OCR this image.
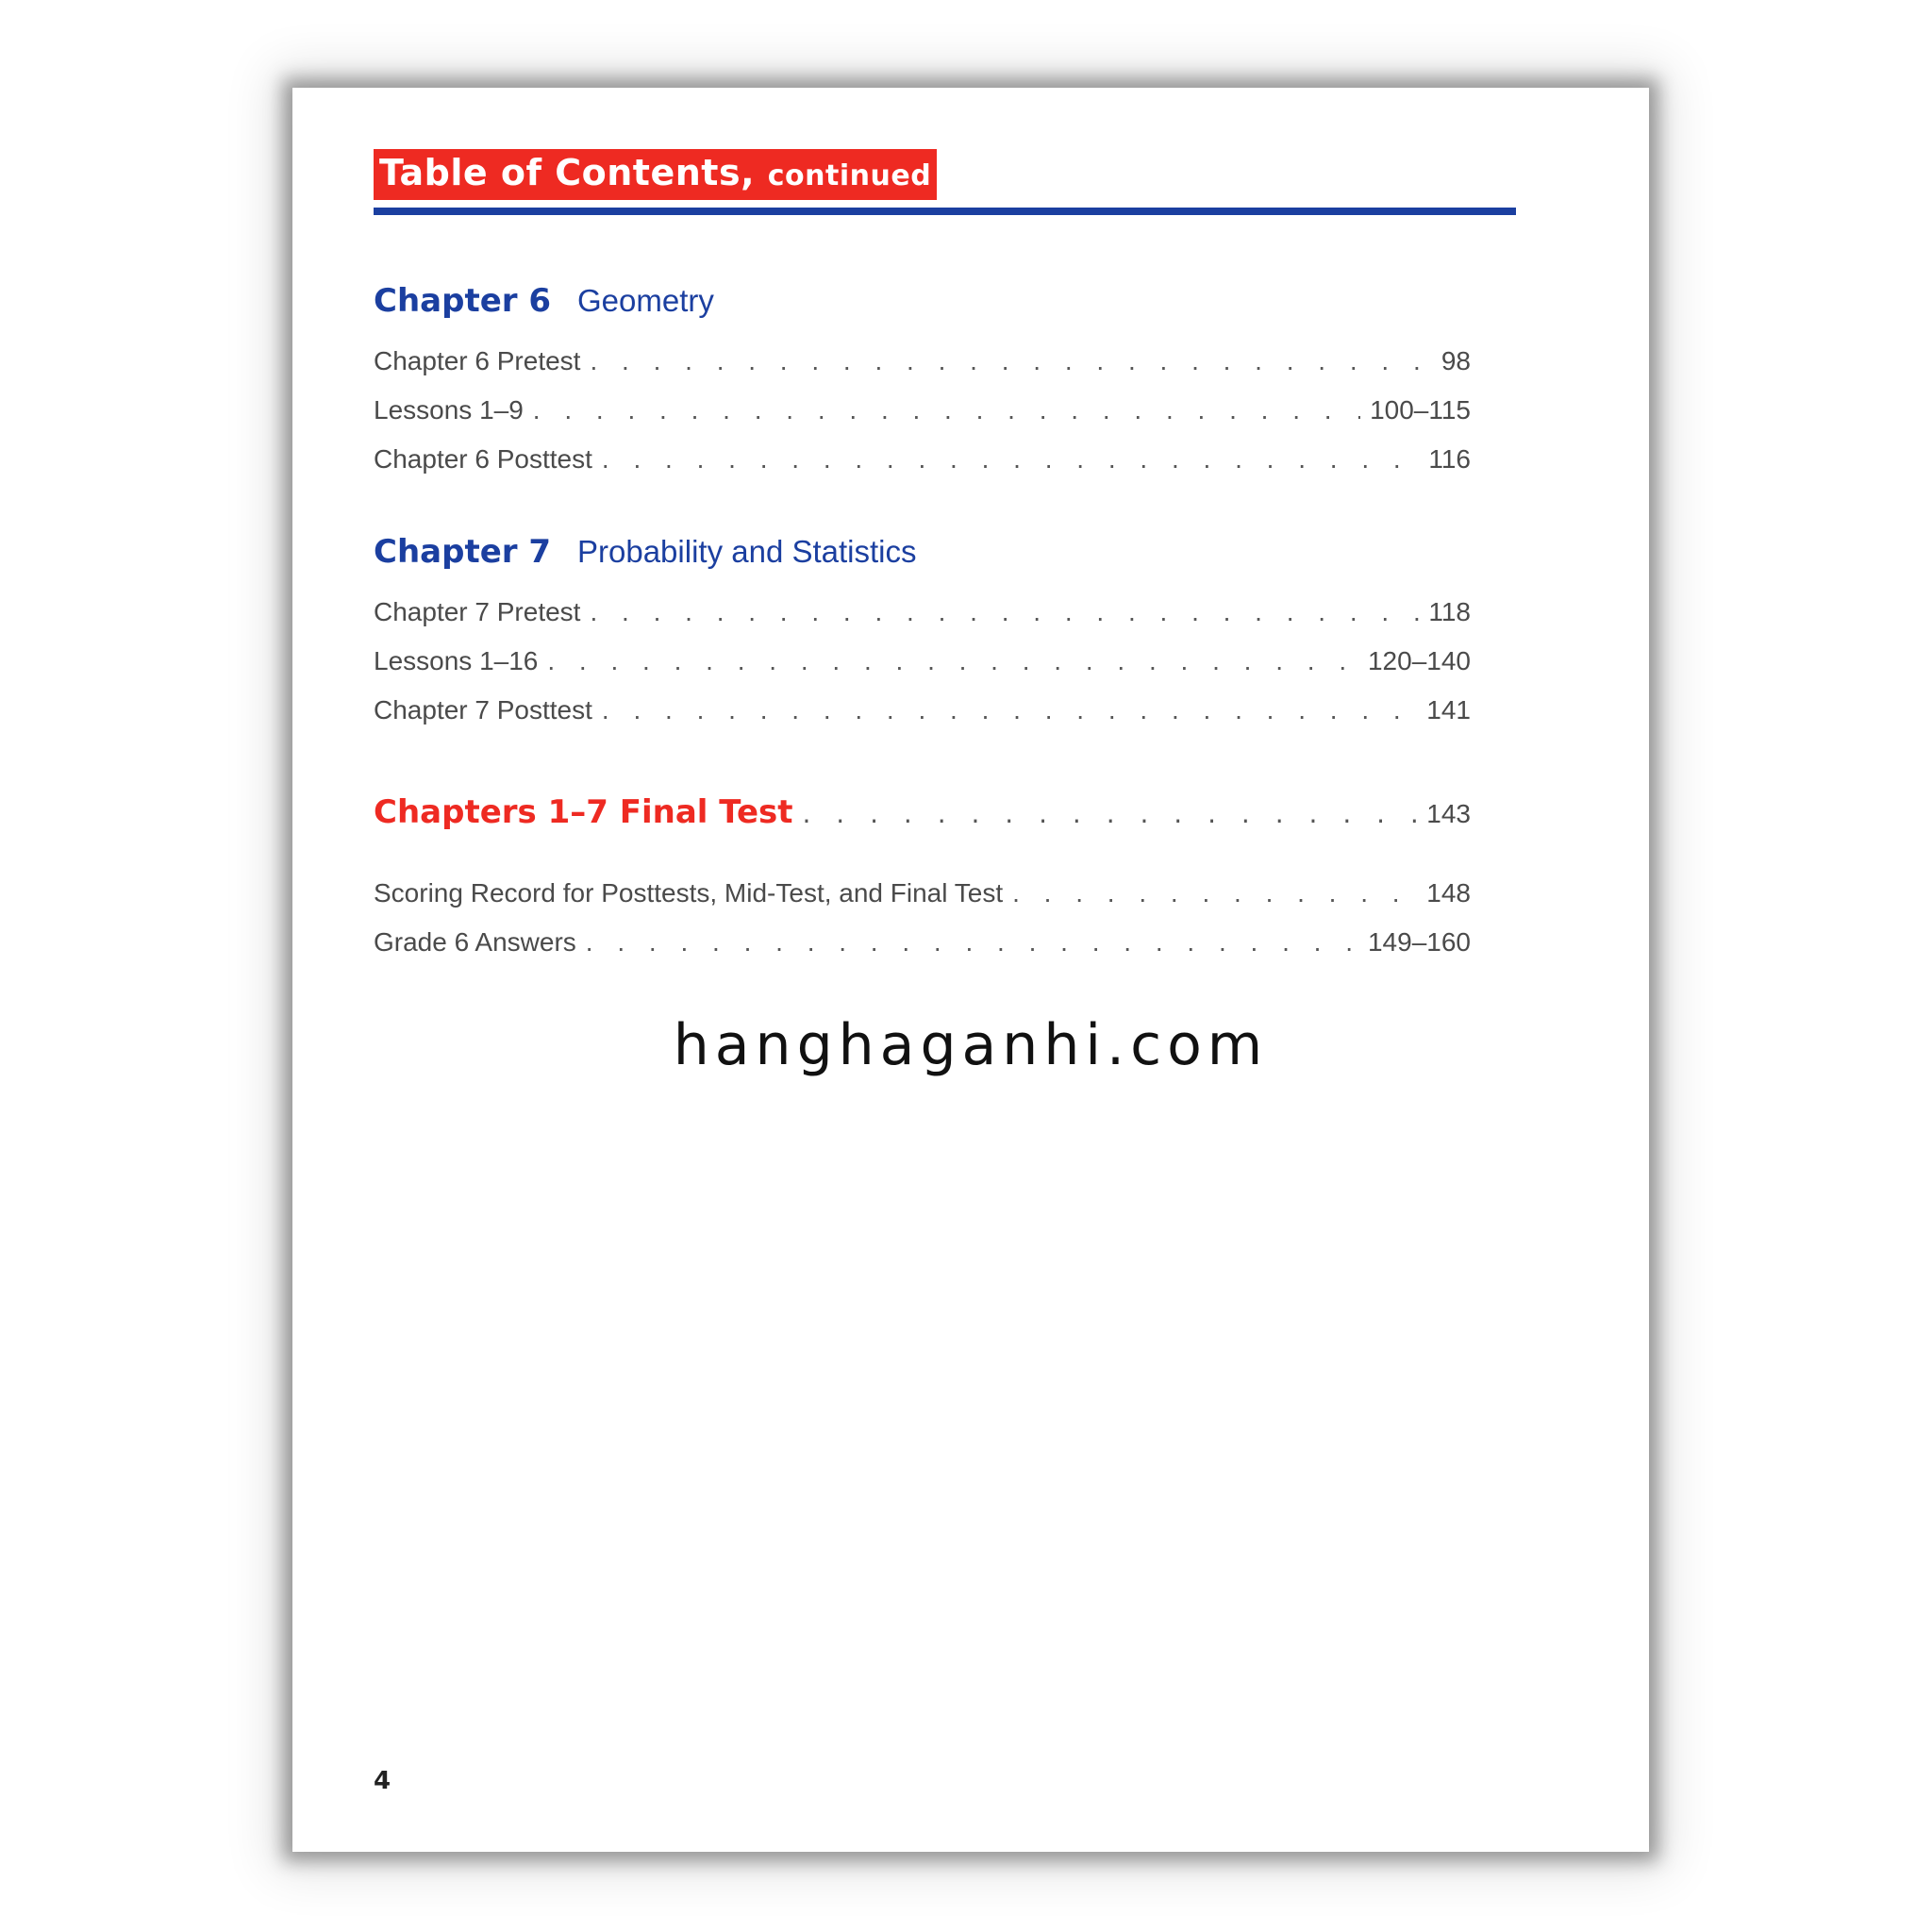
Table of Contents, continued
Chapter 6 Geometry
Chapter 6 Pretest . . .	98
Lessons 1–9 . . .	100–115
Chapter 6 Posttest . . .	116
Chapter 7 Probability and Statistics
Chapter 7 Pretest . . .	118
Lessons 1–16 . . .	120–140
Chapter 7 Posttest . . .	141
Chapters 1–7 Final Test . . .	143
Scoring Record for Posttests, Mid-Test, and Final Test . . .	148
Grade 6 Answers . . .	149–160
hanghaganhi.com
4
